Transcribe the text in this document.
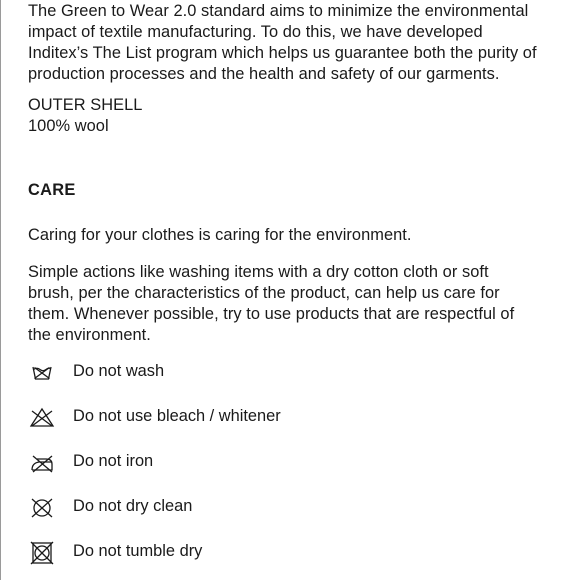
The Green to Wear 2.0 standard aims to minimize the environmental
impact of textile manufacturing. To do this, we have developed
Inditex’s The List program which helps us guarantee both the purity of
production processes and the health and safety of our garments.

OUTER SHELL
100% wool

CARE

Caring for your clothes is caring for the environment.

Simple actions like washing items with a dry cotton cloth or soft
brush, per the characteristics of the product, can help us care for
them. Whenever possible, try to use products that are respectful of
the environment.

Do not wash
Do not use bleach / whitener
Do not iron
Do not dry clean
Do not tumble dry
